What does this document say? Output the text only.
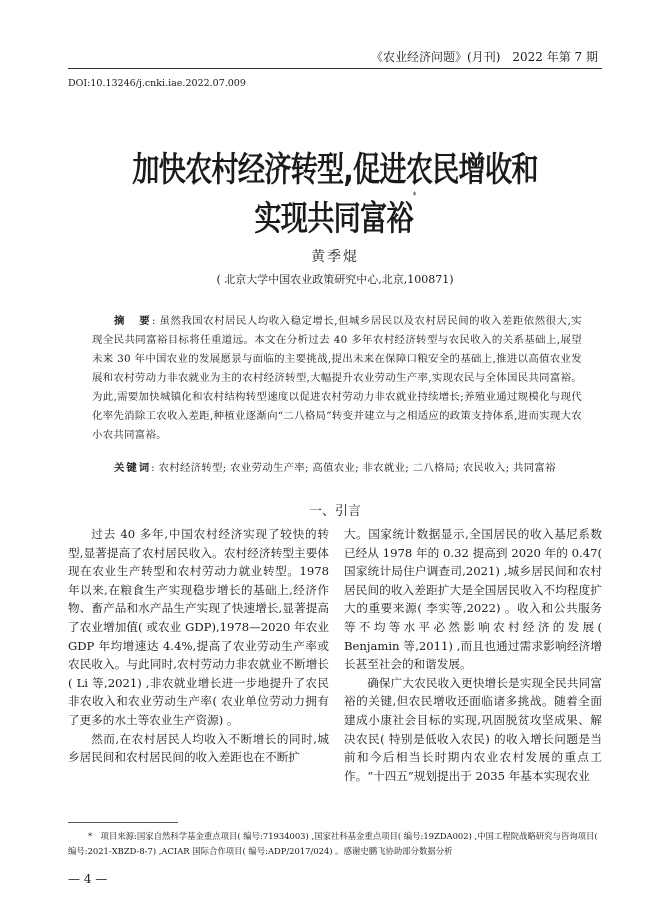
《农业经济问题》(月刊)　2022 年第 7 期
DOI:10.13246/j.cnki.iae.2022.07.009
加快农村经济转型,促进农民增收和实现共同富裕*
黄季焜
( 北京大学中国农业政策研究中心,北京,100871)
摘　要: 虽然我国农村居民人均收入稳定增长,但城乡居民以及农村居民间的收入差距依然很大,实现全民共同富裕目标将任重道远。本文在分析过去 40 多年农村经济转型与农民收入的关系基础上,展望未来 30 年中国农业的发展愿景与面临的主要挑战,提出未来在保障口粮安全的基础上,推进以高值农业发展和农村劳动力非农就业为主的农村经济转型,大幅提升农业劳动生产率,实现农民与全体国民共同富裕。为此,需要加快城镇化和农村结构转型速度以促进农村劳动力非农就业持续增长;养殖业通过规模化与现代化率先消除工农收入差距,种植业逐渐向“二八格局”转变并建立与之相适应的政策支持体系,进而实现大农小农共同富裕。
关键词: 农村经济转型; 农业劳动生产率; 高值农业; 非农就业; 二八格局; 农民收入; 共同富裕
一、引言

过去 40 多年,中国农村经济实现了较快的转型,显著提高了农村居民收入。农村经济转型主要体现在农业生产转型和农村劳动力就业转型。1978 年以来,在粮食生产实现稳步增长的基础上,经济作物、畜产品和水产品生产实现了快速增长,显著提高了农业增加值( 或农业 GDP),1978—2020 年农业 GDP 年均增速达 4.4%,提高了农业劳动生产率或农民收入。与此同时,农村劳动力非农就业不断增长( Li 等,2021) ,非农就业增长进一步地提升了农民非农收入和农业劳动生产率( 农业单位劳动力拥有了更多的水土等农业生产资源) 。

然而,在农村居民人均收入不断增长的同时,城乡居民间和农村居民间的收入差距也在不断扩

大。国家统计数据显示,全国居民的收入基尼系数已经从 1978 年的 0.32 提高到 2020 年的 0.47( 国家统计局住户调查司,2021) ,城乡居民间和农村居民间的收入差距扩大是全国居民收入不均程度扩大的重要来源( 李实等,2022) 。收入和公共服务等不均等水平必然影响农村经济的发展( Benjamin 等,2011) ,而且也通过需求影响经济增长甚至社会的和谐发展。

确保广大农民收入更快增长是实现全民共同富裕的关键,但农民增收还面临诸多挑战。随着全面建成小康社会目标的实现,巩固脱贫攻坚成果、解决农民( 特别是低收入农民) 的收入增长问题是当前和今后相当长时期内农业农村发展的重点工作。“十四五”规划提出于 2035 年基本实现农业

*　项目来源:国家自然科学基金重点项目( 编号:71934003) ,国家社科基金重点项目( 编号:19ZDA002) ,中国工程院战略研究与咨询项目( 编号:2021-XBZD-8-7) ,ACIAR 国际合作项目( 编号:ADP/2017/024) 。感谢史鹏飞协助部分数据分析
— 4 —
